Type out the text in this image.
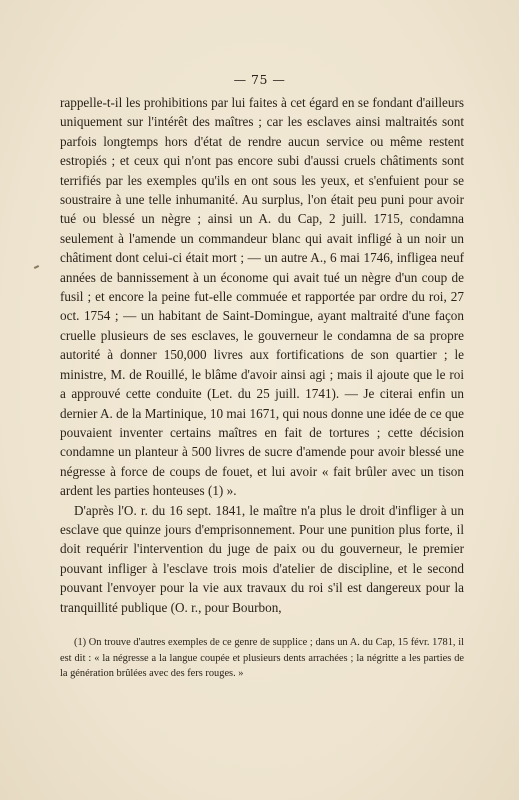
— 75 —

rappelle-t-il les prohibitions par lui faites à cet égard en se fondant d'ailleurs uniquement sur l'intérêt des maîtres ; car les esclaves ainsi maltraités sont parfois longtemps hors d'état de rendre aucun service ou même restent estropiés ; et ceux qui n'ont pas encore subi d'aussi cruels châtiments sont terrifiés par les exemples qu'ils en ont sous les yeux, et s'enfuient pour se soustraire à une telle inhumanité. Au surplus, l'on était peu puni pour avoir tué ou blessé un nègre ; ainsi un A. du Cap, 2 juill. 1715, condamna seulement à l'amende un commandeur blanc qui avait infligé à un noir un châtiment dont celui-ci était mort ; — un autre A., 6 mai 1746, infligea neuf années de bannissement à un économe qui avait tué un nègre d'un coup de fusil ; et encore la peine fut-elle commuée et rapportée par ordre du roi, 27 oct. 1754 ; — un habitant de Saint-Domingue, ayant maltraité d'une façon cruelle plusieurs de ses esclaves, le gouverneur le condamna de sa propre autorité à donner 150,000 livres aux fortifications de son quartier ; le ministre, M. de Rouillé, le blâme d'avoir ainsi agi ; mais il ajoute que le roi a approuvé cette conduite (Let. du 25 juill. 1741). — Je citerai enfin un dernier A. de la Martinique, 10 mai 1671, qui nous donne une idée de ce que pouvaient inventer certains maîtres en fait de tortures ; cette décision condamne un planteur à 500 livres de sucre d'amende pour avoir blessé une négresse à force de coups de fouet, et lui avoir « fait brûler avec un tison ardent les parties honteuses (1) ».

D'après l'O. r. du 16 sept. 1841, le maître n'a plus le droit d'infliger à un esclave que quinze jours d'emprisonnement. Pour une punition plus forte, il doit requérir l'intervention du juge de paix ou du gouverneur, le premier pouvant infliger à l'esclave trois mois d'atelier de discipline, et le second pouvant l'envoyer pour la vie aux travaux du roi s'il est dangereux pour la tranquillité publique (O. r., pour Bourbon,

(1) On trouve d'autres exemples de ce genre de supplice ; dans un A. du Cap, 15 févr. 1781, il est dit : « la négresse a la langue coupée et plusieurs dents arrachées ; la négritte a les parties de la génération brûlées avec des fers rouges. »
